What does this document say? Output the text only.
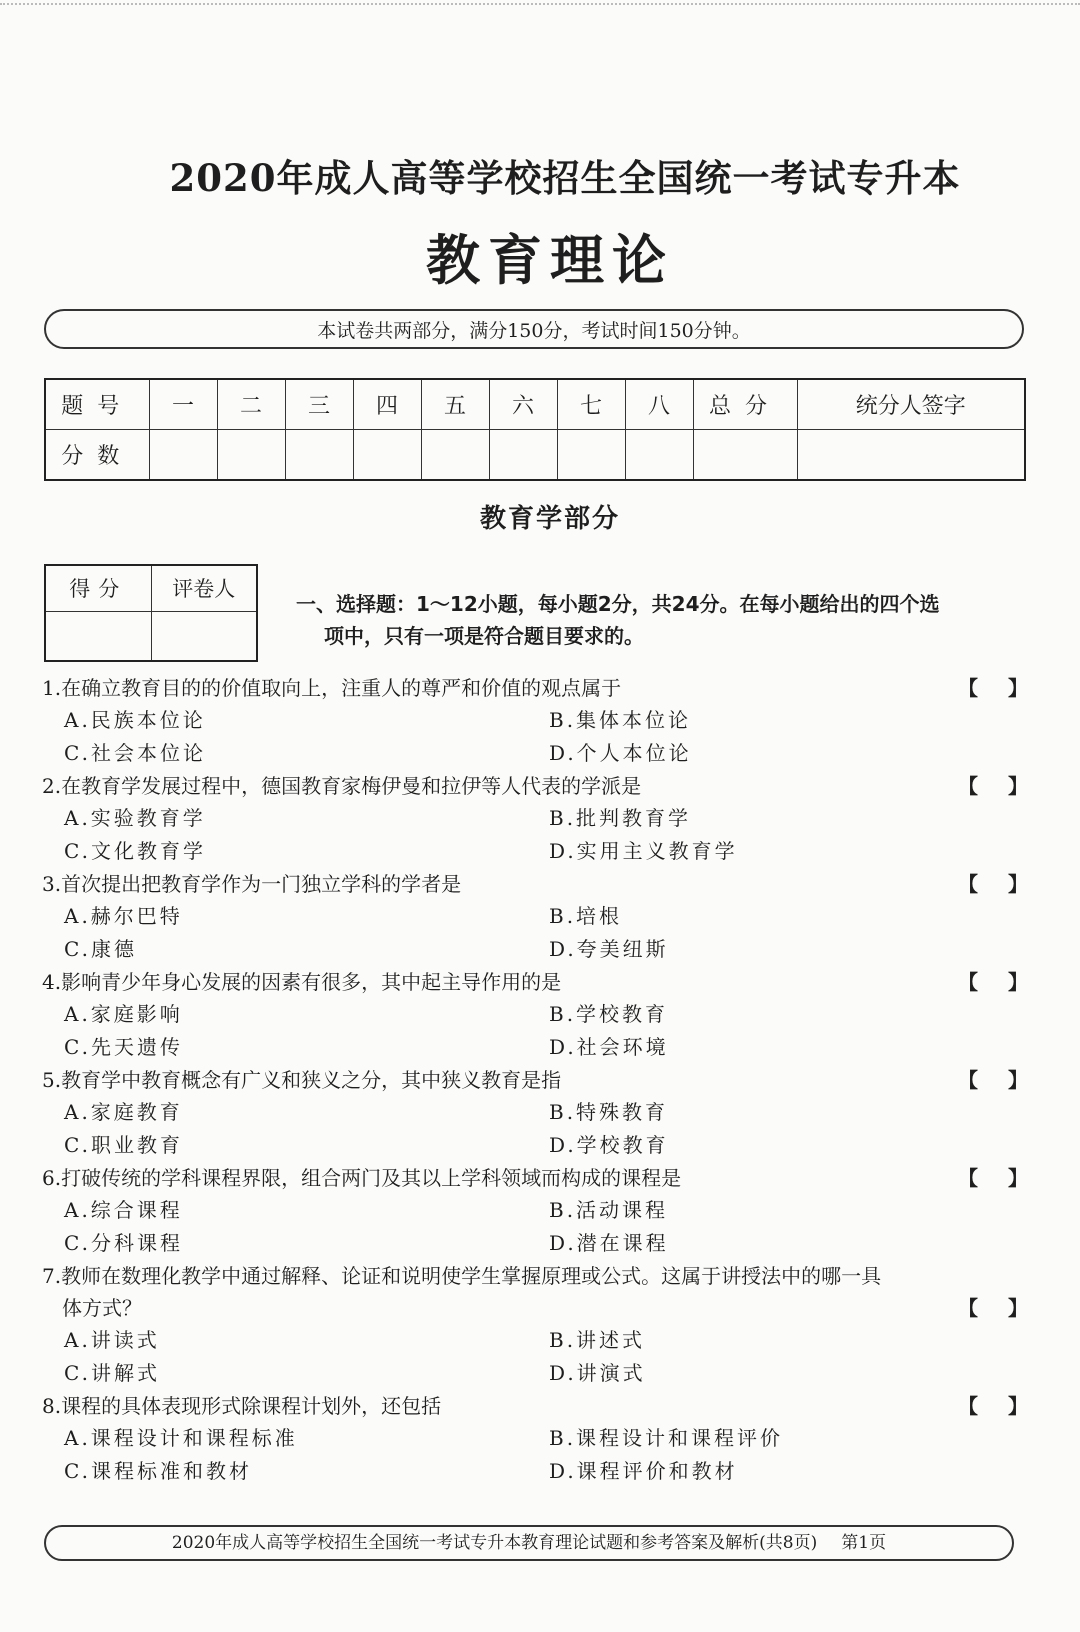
2020年成人高等学校招生全国统一考试专升本
教育理论
本试卷共两部分，满分150分，考试时间150分钟。
题号	一	二	三	四	五	六	七	八	总分	统分人签字
分数										
教育学部分
得分	评卷人

一、选择题：1～12小题，每小题2分，共24分。在每小题给出的四个选
项中，只有一项是符合题目要求的。
1.在确立教育目的的价值取向上，注重人的尊严和价值的观点属于	【 】
A.民族本位论	B.集体本位论
C.社会本位论	D.个人本位论
2.在教育学发展过程中，德国教育家梅伊曼和拉伊等人代表的学派是	【 】
A.实验教育学	B.批判教育学
C.文化教育学	D.实用主义教育学
3.首次提出把教育学作为一门独立学科的学者是	【 】
A.赫尔巴特	B.培根
C.康德	D.夸美纽斯
4.影响青少年身心发展的因素有很多，其中起主导作用的是	【 】
A.家庭影响	B.学校教育
C.先天遗传	D.社会环境
5.教育学中教育概念有广义和狭义之分，其中狭义教育是指	【 】
A.家庭教育	B.特殊教育
C.职业教育	D.学校教育
6.打破传统的学科课程界限，组合两门及其以上学科领域而构成的课程是	【 】
A.综合课程	B.活动课程
C.分科课程	D.潜在课程
7.教师在数理化教学中通过解释、论证和说明使学生掌握原理或公式。这属于讲授法中的哪一具
体方式？	【 】
A.讲读式	B.讲述式
C.讲解式	D.讲演式
8.课程的具体表现形式除课程计划外，还包括	【 】
A.课程设计和课程标准	B.课程设计和课程评价
C.课程标准和教材	D.课程评价和教材
2020年成人高等学校招生全国统一考试专升本教育理论试题和参考答案及解析(共8页) 第1页
